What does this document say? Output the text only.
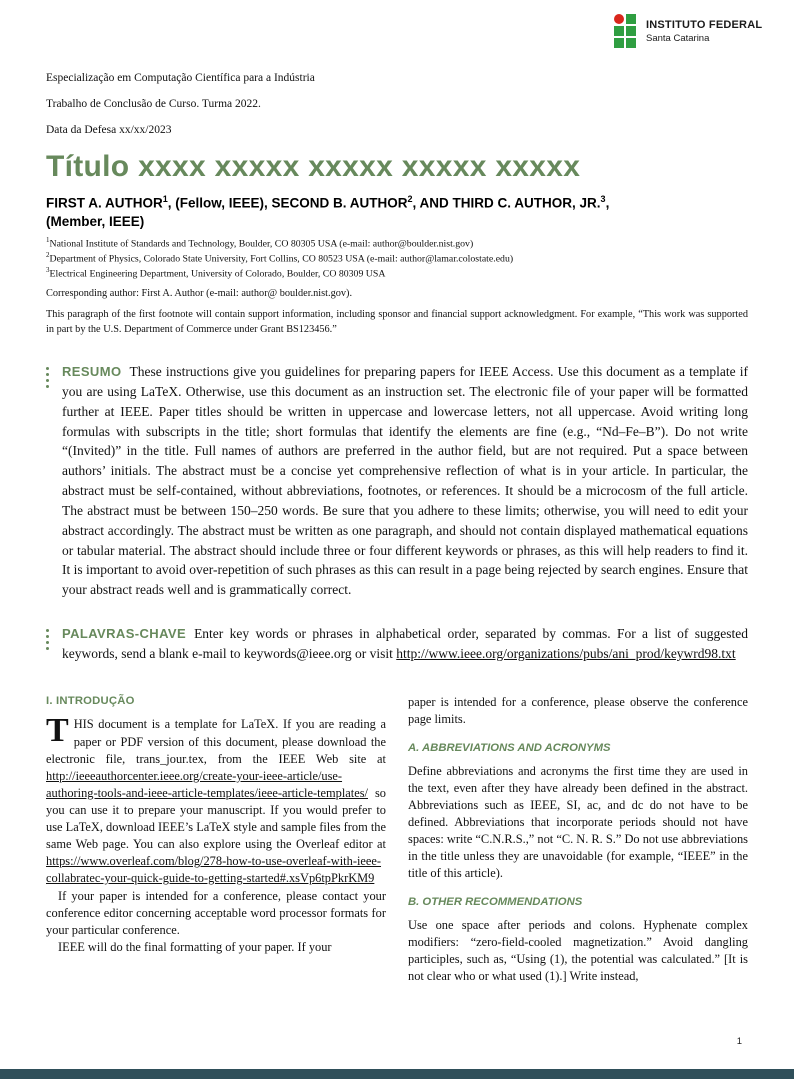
INSTITUTO FEDERAL
Santa Catarina

Especialização em Computação Científica para a Indústria

Trabalho de Conclusão de Curso. Turma 2022.

Data da Defesa xx/xx/2023

Título xxxx xxxxx xxxxx xxxxx xxxxx
FIRST A. AUTHOR$^1$, (Fellow, IEEE), SECOND B. AUTHOR$^2$, AND THIRD C. AUTHOR, JR.$^3$,
(Member, IEEE)

$^1$National Institute of Standards and Technology, Boulder, CO 80305 USA (e-mail: author@boulder.nist.gov)

$^2$Department of Physics, Colorado State University, Fort Collins, CO 80523 USA (e-mail: author@lamar.colostate.edu)

$^3$Electrical Engineering Department, University of Colorado, Boulder, CO 80309 USA

Corresponding author: First A. Author (e-mail: author@ boulder.nist.gov).

This paragraph of the first footnote will contain support information, including sponsor and financial support acknowledgment. For example, “This work was supported in part by the U.S. Department of Commerce under Grant BS123456.”

RESUMO These instructions give you guidelines for preparing papers for IEEE Access. Use this document as a template if you are using LaTeX. Otherwise, use this document as an instruction set. The electronic file of your paper will be formatted further at IEEE. Paper titles should be written in uppercase and lowercase letters, not all uppercase. Avoid writing long formulas with subscripts in the title; short formulas that identify the elements are fine (e.g., “Nd–Fe–B”). Do not write “(Invited)” in the title. Full names of authors are preferred in the author field, but are not required. Put a space between authors’ initials. The abstract must be a concise yet comprehensive reflection of what is in your article. In particular, the abstract must be self-contained, without abbreviations, footnotes, or references. It should be a microcosm of the full article. The abstract must be between 150–250 words. Be sure that you adhere to these limits; otherwise, you will need to edit your abstract accordingly. The abstract must be written as one paragraph, and should not contain displayed mathematical equations or tabular material. The abstract should include three or four different keywords or phrases, as this will help readers to find it. It is important to avoid over-repetition of such phrases as this can result in a page being rejected by search engines. Ensure that your abstract reads well and is grammatically correct.

PALAVRAS-CHAVE Enter key words or phrases in alphabetical order, separated by commas. For a list of suggested keywords, send a blank e-mail to keywords@ieee.org or visit http://www.ieee.org/organizations/pubs/ani_prod/keywrd98.txt

I. INTRODUÇÃO

THIS document is a template for LaTeX. If you are reading a paper or PDF version of this document, please download the electronic file, trans_jour.tex, from the IEEE Web site at http://ieeeauthorcenter.ieee.org/create-your-ieee-article/use-authoring-tools-and-ieee-article-templates/ieee-article-templates/ so you can use it to prepare your manuscript. If you would prefer to use LaTeX, download IEEE’s LaTeX style and sample files from the same Web page. You can also explore using the Overleaf editor at https://www.overleaf.com/blog/278-how-to-use-overleaf-with-ieee-collabratec-your-quick-guide-to-getting-started#.xsVp6tpPkrKM9

If your paper is intended for a conference, please contact your conference editor concerning acceptable word processor formats for your particular conference.

IEEE will do the final formatting of your paper. If your

paper is intended for a conference, please observe the conference page limits.

A. ABBREVIATIONS AND ACRONYMS

Define abbreviations and acronyms the first time they are used in the text, even after they have already been defined in the abstract. Abbreviations such as IEEE, SI, ac, and dc do not have to be defined. Abbreviations that incorporate periods should not have spaces: write “C.N.R.S.,” not “C. N. R. S.” Do not use abbreviations in the title unless they are unavoidable (for example, “IEEE” in the title of this article).

B. OTHER RECOMMENDATIONS

Use one space after periods and colons. Hyphenate complex modifiers: “zero-field-cooled magnetization.” Avoid dangling participles, such as, “Using (1), the potential was calculated.” [It is not clear who or what used (1).] Write instead,

1
